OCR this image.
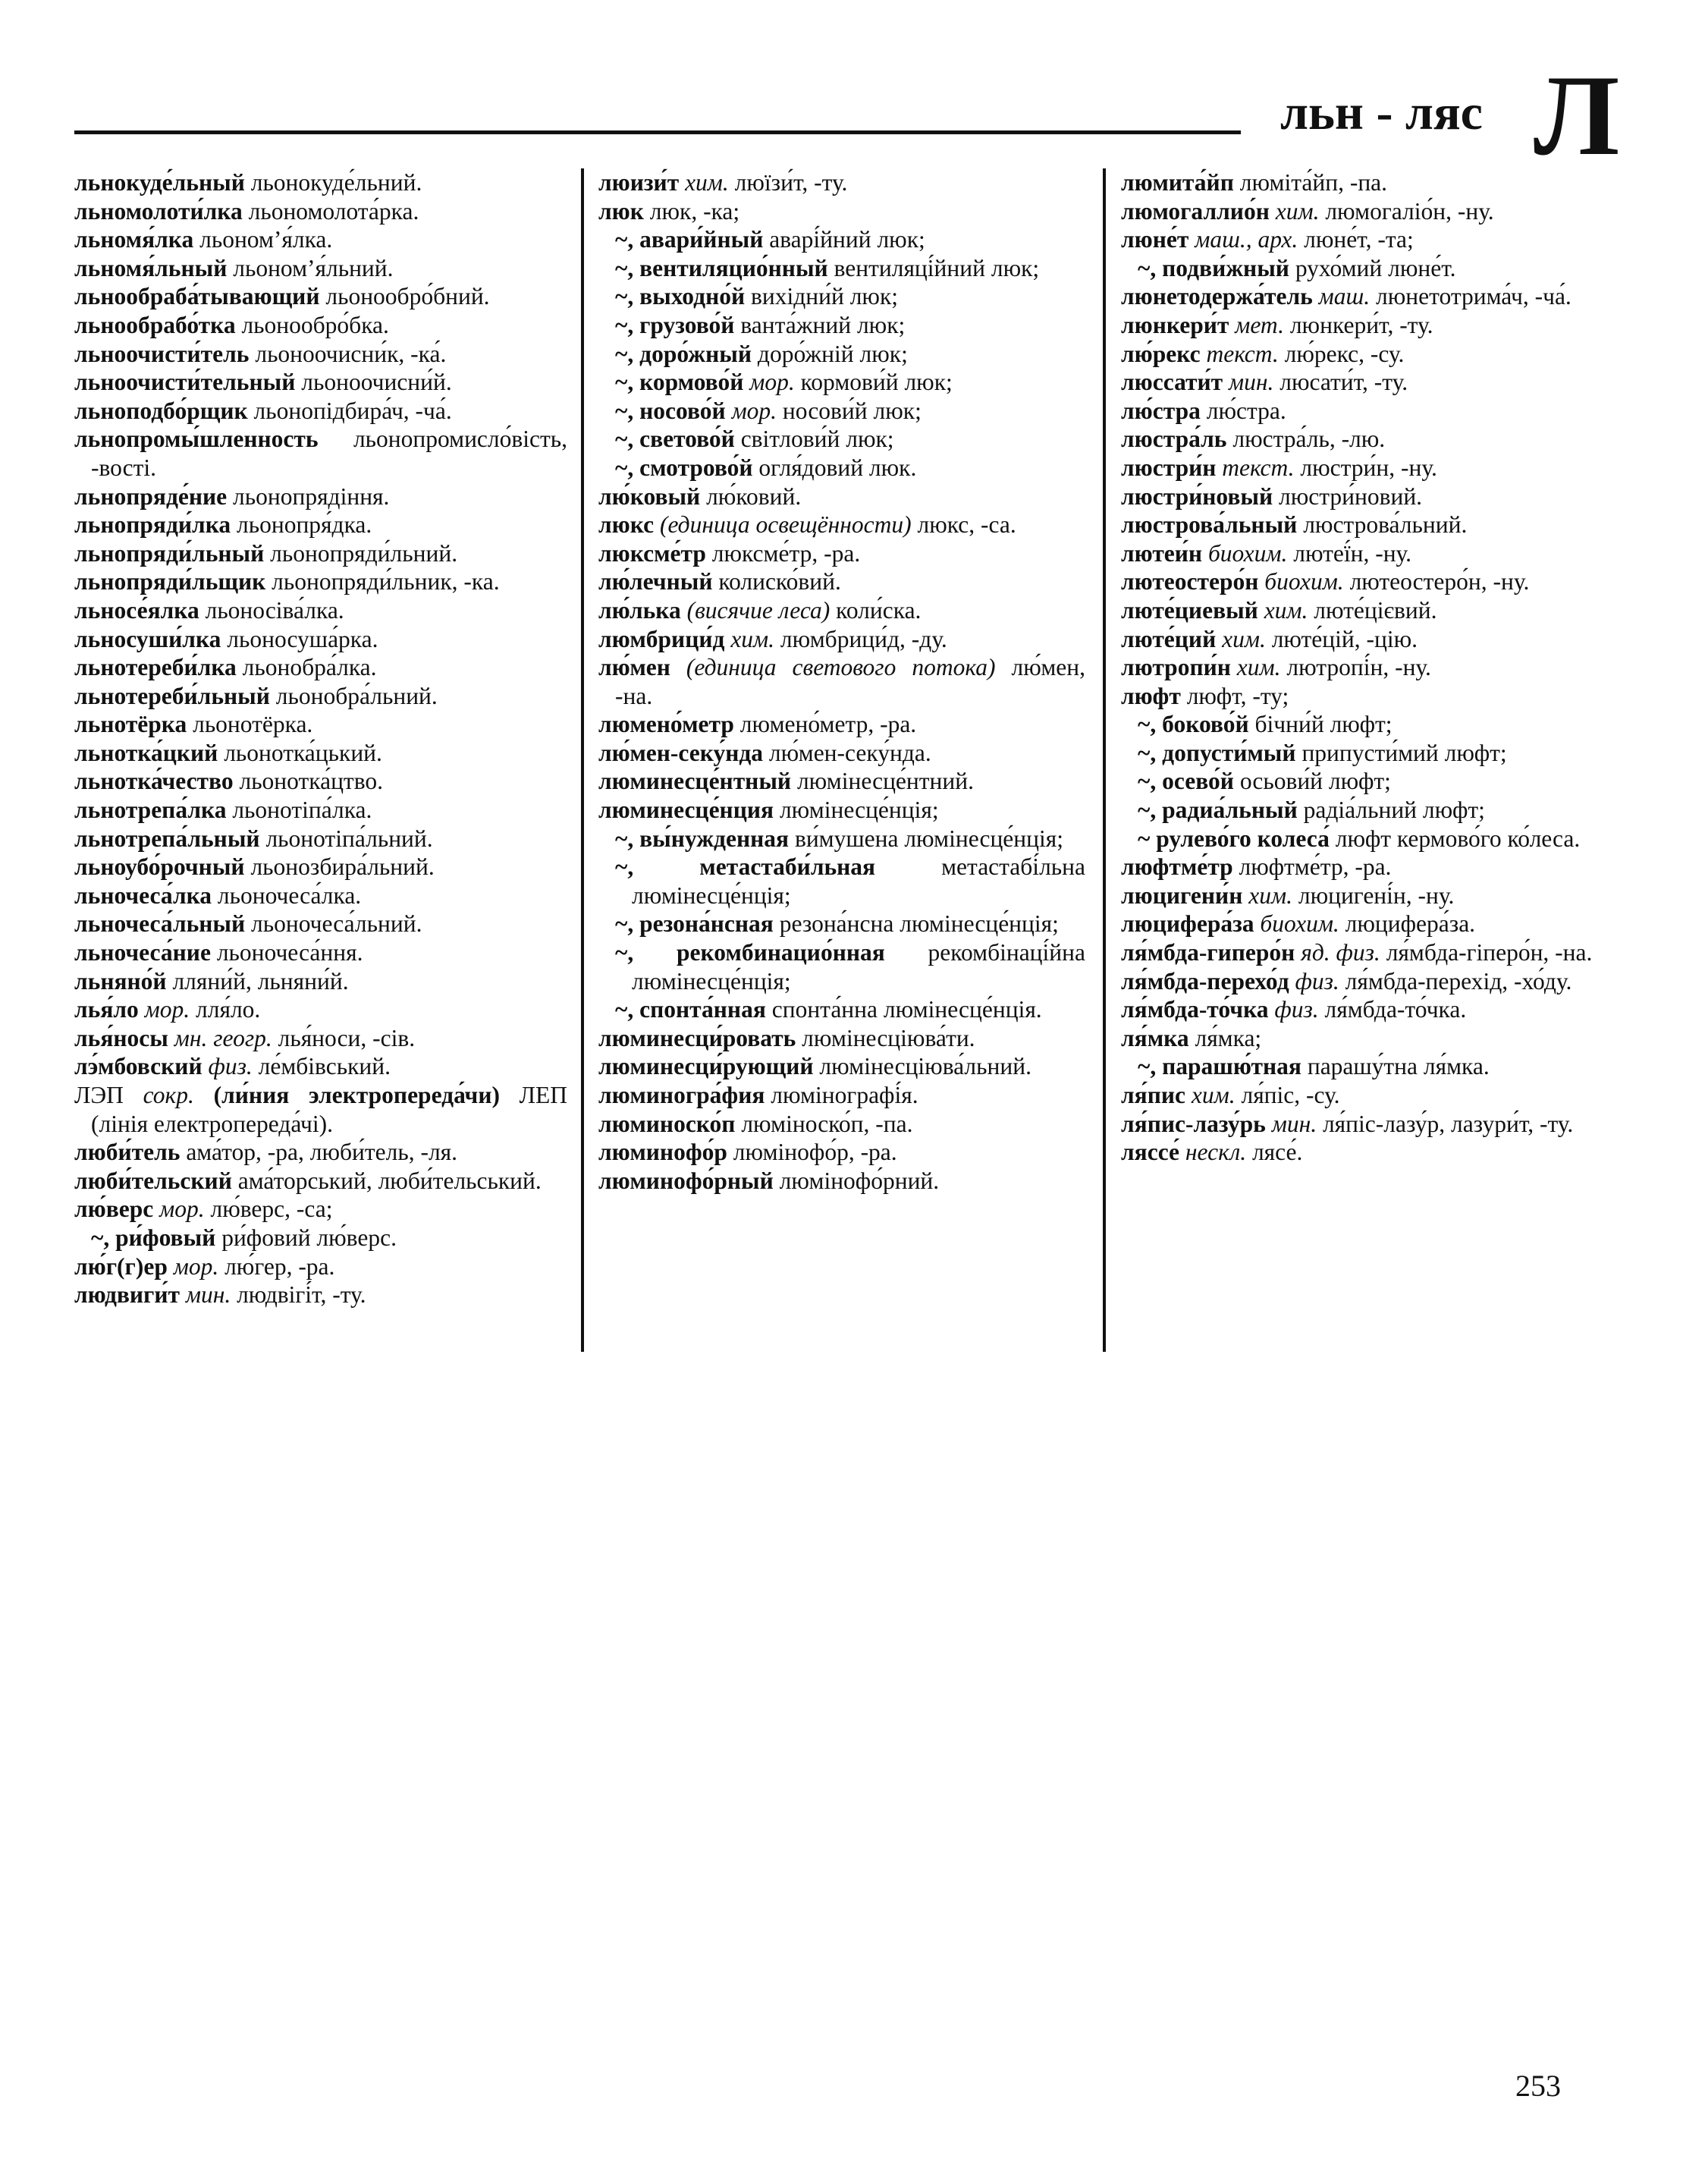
льн - ляс Л
льнокуде́льный льонокуде́льний.
льномолоти́лка льономолота́рка.
льномя́лка льоном’я́лка.
льномя́льный льоном’я́льний.
льнообраба́тывающий льонообро́бний.
льнообрабо́тка льонообро́бка.
льноочисти́тель льоноочисни́к, -ка́.
льноочисти́тельный льоноочисни́й.
льноподбо́рщик льонопідбира́ч, -ча́.
льнопромы́шленность льонопромисло́вість, -вості.
льнопряде́ние льонопрядіння.
льнопряди́лка льонопря́дка.
льнопряди́льный льонопряди́льний.
льнопряди́льщик льонопряди́льник, -ка.
льносе́ялка льоносіва́лка.
льносуши́лка льоносуша́рка.
льнотереби́лка льонобра́лка.
льнотереби́льный льонобра́льний.
льнотёрка льонотёрка.
льнотка́цкий льонотка́цький.
льнотка́чество льонотка́цтво.
льнотрепа́лка льонотіпа́лка.
льнотрепа́льный льонотіпа́льний.
льноубо́рочный льонозбира́льний.
льночеса́лка льоночеса́лка.
льночеса́льный льоночеса́льний.
льночеса́ние льоночеса́ння.
льняно́й лляни́й, льняни́й.
лья́ло мор. лля́ло.
лья́носы мн. геогр. лья́носи, -сів.
лэ́мбовский физ. ле́мбівський.
ЛЭП сокр. (ли́ния электропереда́чи) ЛЕП (лінія електропереда́чі).
люби́тель ама́тор, -ра, люби́тель, -ля.
люби́тельский ама́торський, люби́тельський.
лю́верс мор. лю́верс, -са;
~, ри́фовый ри́фовий лю́верс.
лю́г(г)ер мор. лю́гер, -ра.
людвиги́т мин. людвігі́т, -ту.
люизи́т хим. люїзи́т, -ту.
люк люк, -ка;
~, авари́йный аварі́йний люк;
~, вентиляцио́нный вентиляці́йний люк;
~, выходно́й вихідни́й люк;
~, грузово́й ванта́жний люк;
~, доро́жный доро́жній люк;
~, кормово́й мор. кормови́й люк;
~, носово́й мор. носови́й люк;
~, светово́й світлови́й люк;
~, смотрово́й огля́довий люк.
лю́ковый лю́ковий.
люкс (единица освещённости) люкс, -са.
люксме́тр люксме́тр, -ра.
лю́лечный колиско́вий.
лю́лька (висячие леса) коли́ска.
люмбрици́д хим. люмбрици́д, -ду.
лю́мен (единица светового потока) лю́мен, -на.
люмено́метр люмено́метр, -ра.
лю́мен-секу́нда лю́мен-секу́нда.
люминесце́нтный люмінесце́нтний.
люминесце́нция люмінесце́нція;
~, вы́нужденная ви́мушена люмінесце́нція;
~, метастаби́льная	метастабі́льна люмінесце́нція;
~, резона́нсная резона́нсна люмінесце́нція;
~, рекомбинацио́нная рекомбінаці́йна люмінесце́нція;
~, спонта́нная спонта́нна люмінесце́нція.
люминесци́ровать люмінесціюва́ти.
люминесци́рующий люмінесціюва́льний.
люминогра́фия люмінографі́я.
люминоско́п люміноско́п, -па.
люминофо́р люмінофо́р, -ра.
люминофо́рный люмінофо́рний.
люмита́йп люміта́йп, -па.
люмогаллио́н хим. люмогаліо́н, -ну.
люне́т маш., арх. люне́т, -та;
~, подви́жный рухо́мий люне́т.
люнетодержа́тель маш. люнетотрима́ч, -ча́.
люнкери́т мет. люнкери́т, -ту.
лю́рекс текст. лю́рекс, -су.
люссати́т мин. люсати́т, -ту.
лю́стра лю́стра.
люстра́ль люстра́ль, -лю.
люстри́н текст. люстри́н, -ну.
люстри́новый люстри́новий.
люстрова́льный люстрова́льний.
лютеи́н биохим. лютеї́н, -ну.
лютеостеро́н биохим. лютеостеро́н, -ну.
люте́циевый хим. люте́цієвий.
люте́ций хим. люте́цій, -цію.
лютропи́н хим. лютропі́н, -ну.
люфт люфт, -ту;
~, боково́й бічни́й люфт;
~, допусти́мый припусти́мий люфт;
~, осево́й осьови́й люфт;
~, радиа́льный радіа́льний люфт;
~ рулево́го колеса́ люфт кермово́го ко́леса.
люфтме́тр люфтме́тр, -ра.
люцигени́н хим. люцигені́н, -ну.
люцифера́за биохим. люцифера́за.
ля́мбда-гиперо́н яд. физ. ля́мбда-гіперо́н, -на.
ля́мбда-перехо́д физ. ля́мбда-перехід, -хо́ду.
ля́мбда-то́чка физ. ля́мбда-то́чка.
ля́мка ля́мка;
~, парашю́тная парашу́тна ля́мка.
ля́пис хим. ля́піс, -су.
ля́пис-лазу́рь мин. ля́піс-лазу́р, лазури́т, -ту.
ляссе́ нескл. лясе́.
253
